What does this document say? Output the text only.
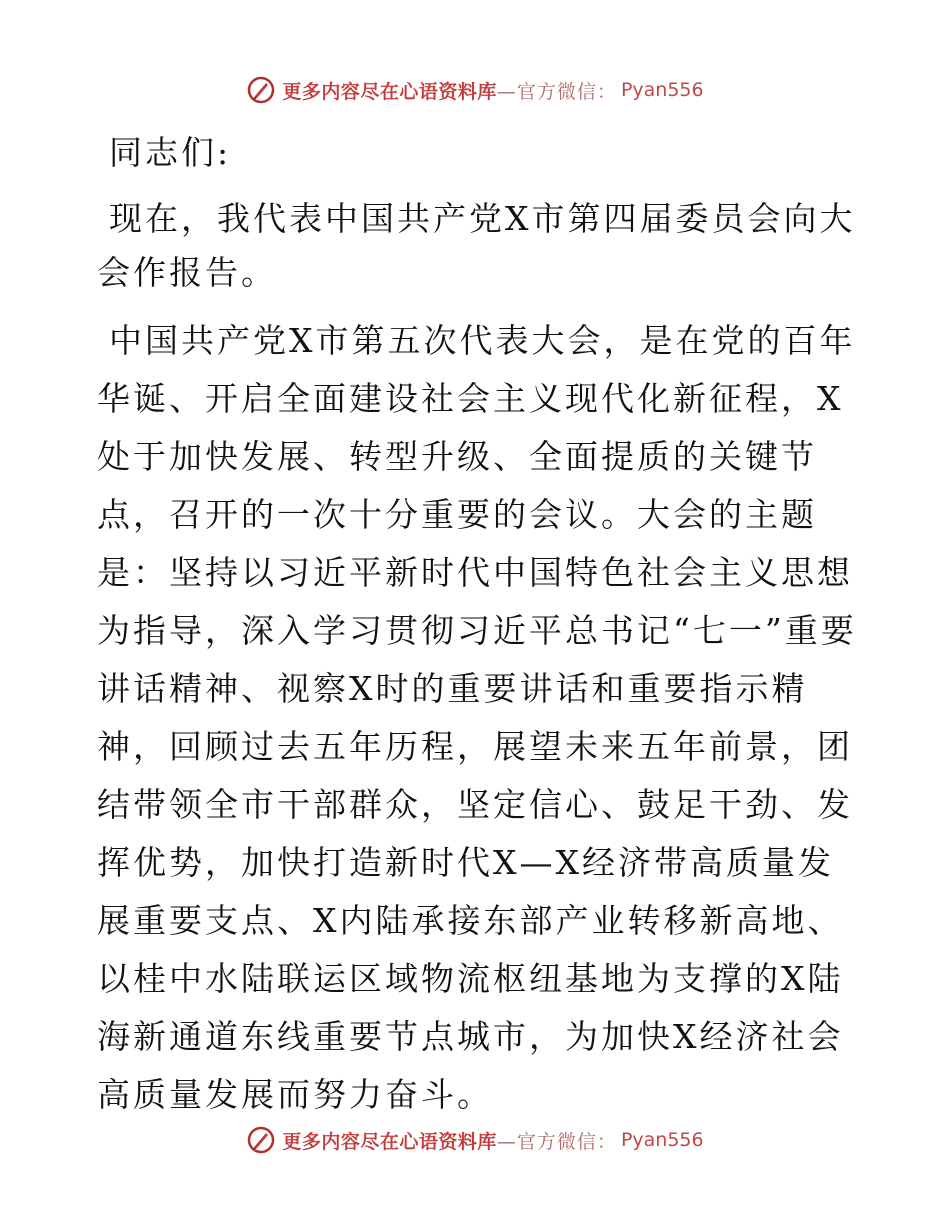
更多内容尽在心语资料库 —官方微信： Pyan556

同志们:

现在，我代表中国共产党X市第四届委员会向大会作报告。

中国共产党X市第五次代表大会，是在党的百年华诞、开启全面建设社会主义现代化新征程，X处于加快发展、转型升级、全面提质的关键节点，召开的一次十分重要的会议。大会的主题是：坚持以习近平新时代中国特色社会主义思想为指导，深入学习贯彻习近平总书记“七一”重要讲话精神、视察X时的重要讲话和重要指示精神，回顾过去五年历程，展望未来五年前景，团结带领全市干部群众，坚定信心、鼓足干劲、发挥优势，加快打造新时代X—X经济带高质量发展重要支点、X内陆承接东部产业转移新高地、以桂中水陆联运区域物流枢纽基地为支撑的X陆海新通道东线重要节点城市，为加快X经济社会高质量发展而努力奋斗。

更多内容尽在心语资料库 —官方微信： Pyan556
